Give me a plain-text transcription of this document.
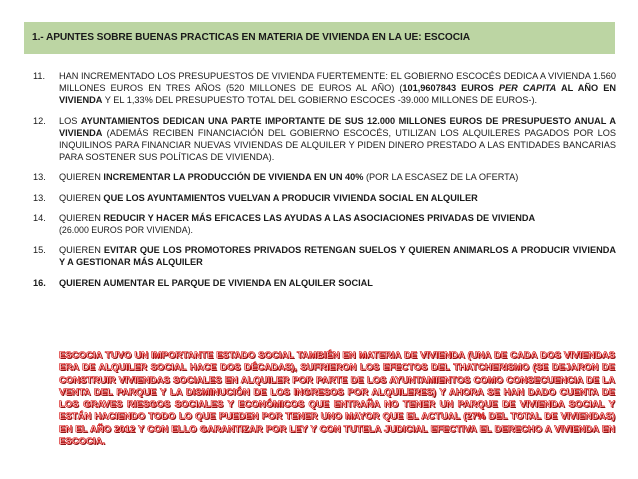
1.- APUNTES SOBRE BUENAS PRACTICAS EN MATERIA DE VIVIENDA EN LA UE: ESCOCIA
11.	HAN INCREMENTADO LOS PRESUPUESTOS DE VIVIENDA FUERTEMENTE: EL GOBIERNO ESCOCÉS DEDICA A VIVIENDA 1.560 MILLONES EUROS EN TRES AÑOS (520 MILLONES DE EUROS AL AÑO) (101,9607843 EUROS PER CAPITA AL AÑO EN VIVIENDA Y EL 1,33% DEL PRESUPUESTO TOTAL DEL GOBIERNO ESCOCES -39.000 MILLONES DE EUROS-).
12.	LOS AYUNTAMIENTOS DEDICAN UNA PARTE IMPORTANTE DE SUS 12.000 MILLONES EUROS DE PRESUPUESTO ANUAL A VIVIENDA (ADEMÁS RECIBEN FINANCIACIÓN DEL GOBIERNO ESCOCÉS, UTILIZAN LOS ALQUILERES PAGADOS POR LOS INQUILINOS PARA FINANCIAR NUEVAS VIVIENDAS DE ALQUILER Y PIDEN DINERO PRESTADO A LAS ENTIDADES BANCARIAS PARA SOSTENER SUS POLÍTICAS DE VIVIENDA).
13.	QUIEREN INCREMENTAR LA PRODUCCIÓN DE VIVIENDA EN UN 40% (POR LA ESCASEZ DE LA OFERTA)
13.	QUIEREN QUE LOS AYUNTAMIENTOS VUELVAN A PRODUCIR VIVIENDA SOCIAL EN ALQUILER
14.	QUIEREN REDUCIR Y HACER MÁS EFICACES LAS AYUDAS A LAS ASOCIACIONES PRIVADAS DE VIVIENDA
(26.000 EUROS POR VIVIENDA).
15.	QUIEREN EVITAR QUE LOS PROMOTORES PRIVADOS RETENGAN SUELOS Y QUIEREN ANIMARLOS A PRODUCIR VIVIENDA Y A GESTIONAR MÁS ALQUILER
16.	QUIEREN AUMENTAR EL PARQUE DE VIVIENDA EN ALQUILER SOCIAL
ESCOCIA TUVO UN IMPORTANTE ESTADO SOCIAL TAMBIÉN EN MATERIA DE VIVIENDA (UNA DE CADA DOS VIVIENDAS ERA DE ALQUILER SOCIAL HACE DOS DÉCADAS), SUFRIERON LOS EFECTOS DEL THATCHERISMO (SE DEJARON DE CONSTRUIR VIVIENDAS SOCIALES EN ALQUILER POR PARTE DE LOS AYUNTAMIENTOS COMO CONSECUENCIA DE LA VENTA DEL PARQUE Y LA DISMINUCIÓN DE LOS INGRESOS POR ALQUILERES) Y AHORA SE HAN DADO CUENTA DE LOS GRAVES RIESGOS SOCIALES Y ECONÓMICOS QUE ENTRAÑA NO TENER UN PARQUE DE VIVIENDA SOCIAL Y ESTÁN HACIENDO TODO LO QUE PUEDEN POR TENER UNO MAYOR QUE EL ACTUAL (27% DEL TOTAL DE VIVIENDAS) EN EL AÑO 2012 Y CON ELLO GARANTIZAR POR LEY Y CON TUTELA JUDICIAL EFECTIVA EL DERECHO A VIVIENDA EN ESCOCIA.
